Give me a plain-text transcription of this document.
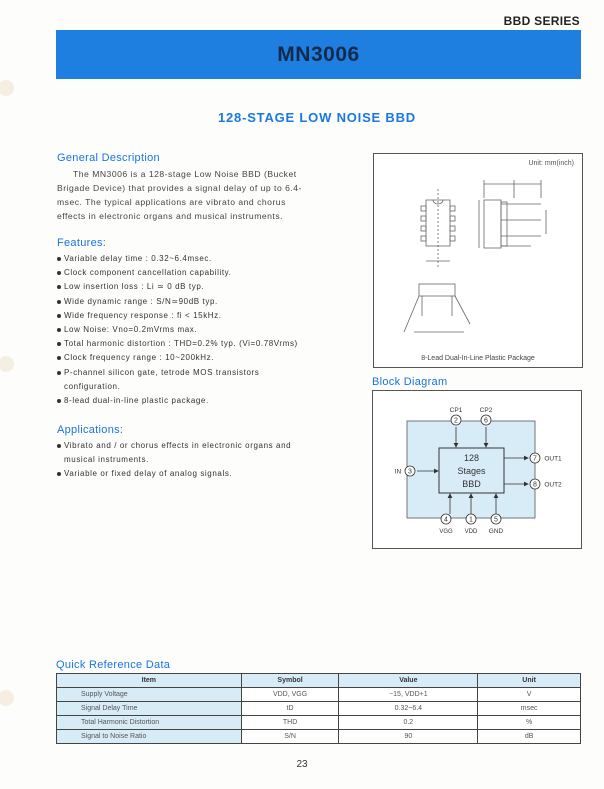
BBD SERIES
MN3006
128-STAGE LOW NOISE BBD
General Description
The MN3006 is a 128-stage Low Noise BBD (Bucket
Brigade Device) that provides a signal delay of up to 6.4-
msec. The typical applications are vibrato and chorus
effects in electronic organs and musical instruments.
Features:
Variable delay time : 0.32~6.4msec.
Clock component cancellation capability.
Low insertion loss : Li ≃ 0 dB typ.
Wide dynamic range : S/N≃90dB typ.
Wide frequency response : fi < 15kHz.
Low Noise: Vno=0.2mVrms max.
Total harmonic distortion : THD=0.2% typ. (Vi=0.78Vrms)
Clock frequency range : 10~200kHz.
P-channel silicon gate, tetrode MOS transistors
configuration.
8-lead dual-in-line plastic package.
Applications:
Vibrato and / or chorus effects in electronic organs and
musical instruments.
Variable or fixed delay of analog signals.
Unit: mm(inch)
8-Lead Dual-In-Line Plastic Package
Block Diagram
128
Stages
BBD
2	6
3
7
8
4	1	5
CP1	CP2
IN
OUT1
OUT2
VGG VDD GND
Quick Reference Data
Item	Symbol	Value	Unit
Supply Voltage	VDD, VGG	−15, VDD+1	V
Signal Delay Time	tD	0.32~6.4	msec
Total Harmonic Distortion	THD	0.2	%
Signal to Noise Ratio	S/N	90	dB
23
